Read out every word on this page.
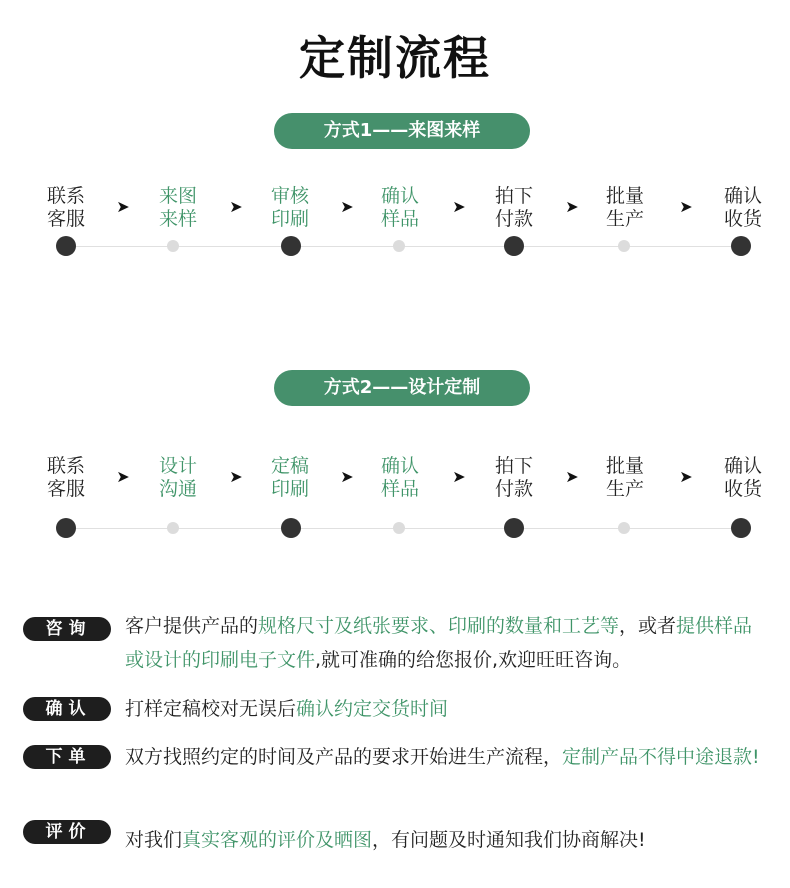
定制流程
方式1——来图来样
联系
客服
➤	来图
来样
➤	审核
印刷
➤	确认
样品
➤	拍下
付款
➤	批量
生产
➤	确认
收货
方式2——设计定制
联系
客服
➤	设计
沟通
➤	定稿
印刷
➤	确认
样品
➤	拍下
付款
➤	批量
生产
➤	确认
收货
咨询	客户提供产品的规格尺寸及纸张要求、印刷的数量和工艺等，或者提供样品或设计的印刷电子文件,就可准确的给您报价,欢迎旺旺咨询。
确认	打样定稿校对无误后确认约定交货时间
下单	双方找照约定的时间及产品的要求开始进生产流程，定制产品不得中途退款!
评价	对我们真实客观的评价及晒图，有问题及时通知我们协商解决!
